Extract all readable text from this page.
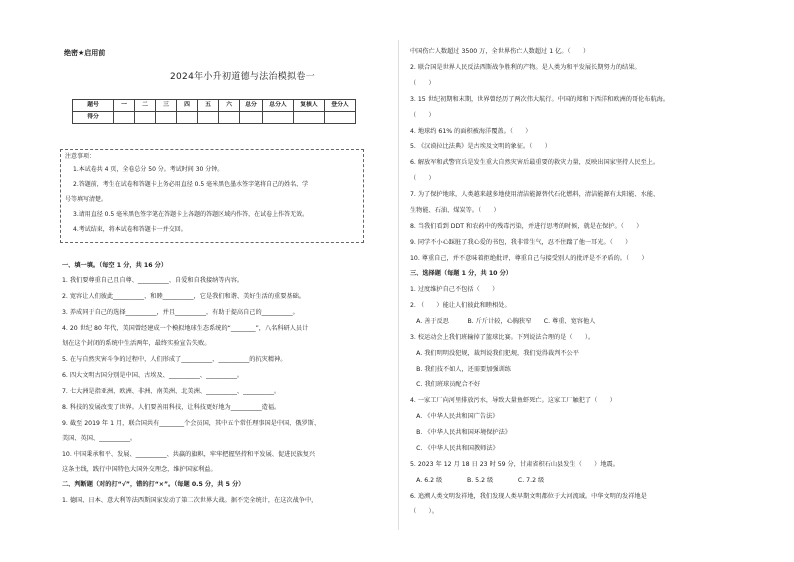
绝密★启用前
2024年小升初道德与法治模拟卷一
题号	一	二	三	四	五	六	总分	总分人	复核人	登分人
得分										
注意事项：
1.本试卷共 4 页，全卷总分 50 分。考试时间 30 分钟。
2.答题前，考生在试卷和答题卡上务必用直径 0.5 毫米黑色墨水签字笔将自己的姓名、学
号等填写清楚。
3.请用直径 0.5 毫米黑色签字笔在答题卡上各题的答题区域内作答，在试卷上作答无效。
4.考试结束，将本试卷和答题卡一并交回。
一、填一填。（每空 1 分，共 16 分）
1. 我们要尊重自己且自尊、__________、自爱和自我接纳等内容。
2. 宽容让人们彼此__________、和睦__________，它是我们和谐、美好生活的重要基础。
3. 养成同于自己的选择__________，并且__________，有助于提高自己的__________。
4. 20 世纪 80 年代，美国曾经建成一个模拟地球生态系统的“________”，八名科研人员计
划在这个封闭的系统中生活两年，最终实验宣告失败。
5. 在与自然灾害斗争的过程中，人们形成了__________、__________的抗灾精神。
6. 四大文明古国分别是中国、古埃及、__________、__________。
7. 七大洲是指亚洲、欧洲、非洲、南美洲、北美洲、__________、__________。
8. 科技的发展改变了世界。人们要善用科技，让科技更好地为__________造福。
9. 截至 2019 年 1 月，联合国共有________个会员国，其中五个常任理事国是中国、俄罗斯、
美国、英国、__________。
10. 中国秉承和平、发展、__________、共赢的旗帜，牢牢把握坚持和平发展、促进民族复兴
这条主线，践行中国特色大国外交理念，维护国家利益。
二、判断题（对的打“√”，错的打“×”。（每题 0.5 分，共 5 分）
1. 德国、日本、意大利等法西斯国家发动了第二次世界大战。据不完全统计，在这次战争中，
中国伤亡人数超过 3500 万，全世界伤亡人数超过 1 亿。（　　）
2. 联合国是世界人民反法西斯战争胜利的产物。是人类为和平发展长期努力的结果。
（　　）
3. 15 世纪初期和末期，世界曾经历了两次伟大航行。中国的郑和下西洋和欧洲的哥伦布航海。
（　　）
4. 地球约 61% 的面积被海洋覆盖。（　　）
5. 《汉谟拉比法典》是古埃及文明的象征。（　　）
6. 解放军和武警官兵是发生重大自然灾害后最重要的救灾力量，反映出国家坚持人民至上。
（　　）
7. 为了保护地球，人类越来越多地使用清洁能源替代石化燃料，清洁能源有太阳能、水能、
生物能、石油、煤炭等。（　　）
8. 当我们看到 DDT 和农药中的残毒污染，并进行思考的时候，就是在保护。（　　）
9. 同学不小心踩脏了我心爱的书包，我非常生气，忍不住踹了他一耳光。（　　）
10. 尊重自己，并不意味着拒绝批评，尊重自己与接受别人的批评是不矛盾的。（　　）
三、选择题（每题 1 分，共 10 分）
1. 过度维护自己不包括（　　）
2. （　　）能让人们彼此和睦相处。
　A. 善于反思　　　B. 斤斤计较，心胸狭窄　　C. 尊重、宽容他人
3. 校运动会上我们班输掉了篮球比赛。下列说法合理的是（　　）。
　A. 我们明明没犯规，裁判说我们犯规，我们觉得裁判不公平
　B. 我们技不如人，还需要加强训练
　C. 我们班球员配合不好
4. 一家工厂向河里排放污水，导致大量鱼虾死亡。这家工厂触犯了（　　）
　A. 《中华人民共和国广告法》
　B. 《中华人民共和国环境保护法》
　C. 《中华人民共和国教师法》
5. 2023 年 12 月 18 日 23 时 59 分，甘肃省积石山县发生（　　）地震。
　A. 6.2 级　　　　B. 5.2 级　　　　C. 7.2 级
6. 追溯人类文明发祥地，我们发现人类早期文明都位于大河流域。中华文明的发祥地是
（　　）。
